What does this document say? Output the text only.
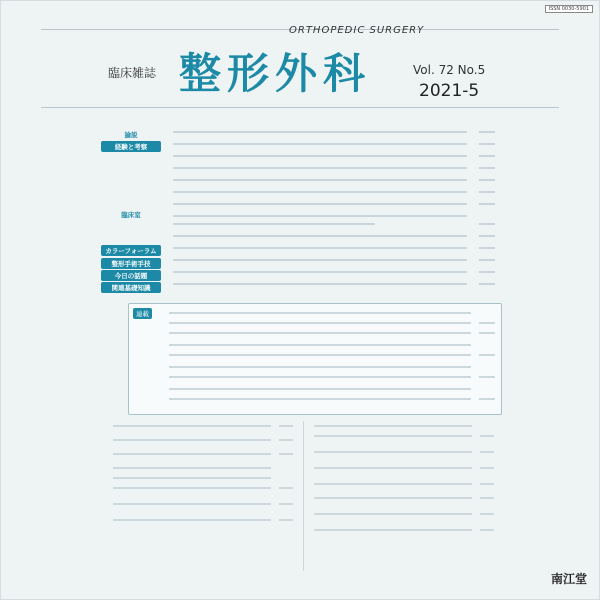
ISSN 0030-5901
臨床雑誌 整形外科
ORTHOPEDIC SURGERY
Vol. 72 No.5
2021-5
論説
経験と考察
臨床室
カラーフォーラム
整形手術手技
今日の話題
関連基礎知識
連載
南江堂
